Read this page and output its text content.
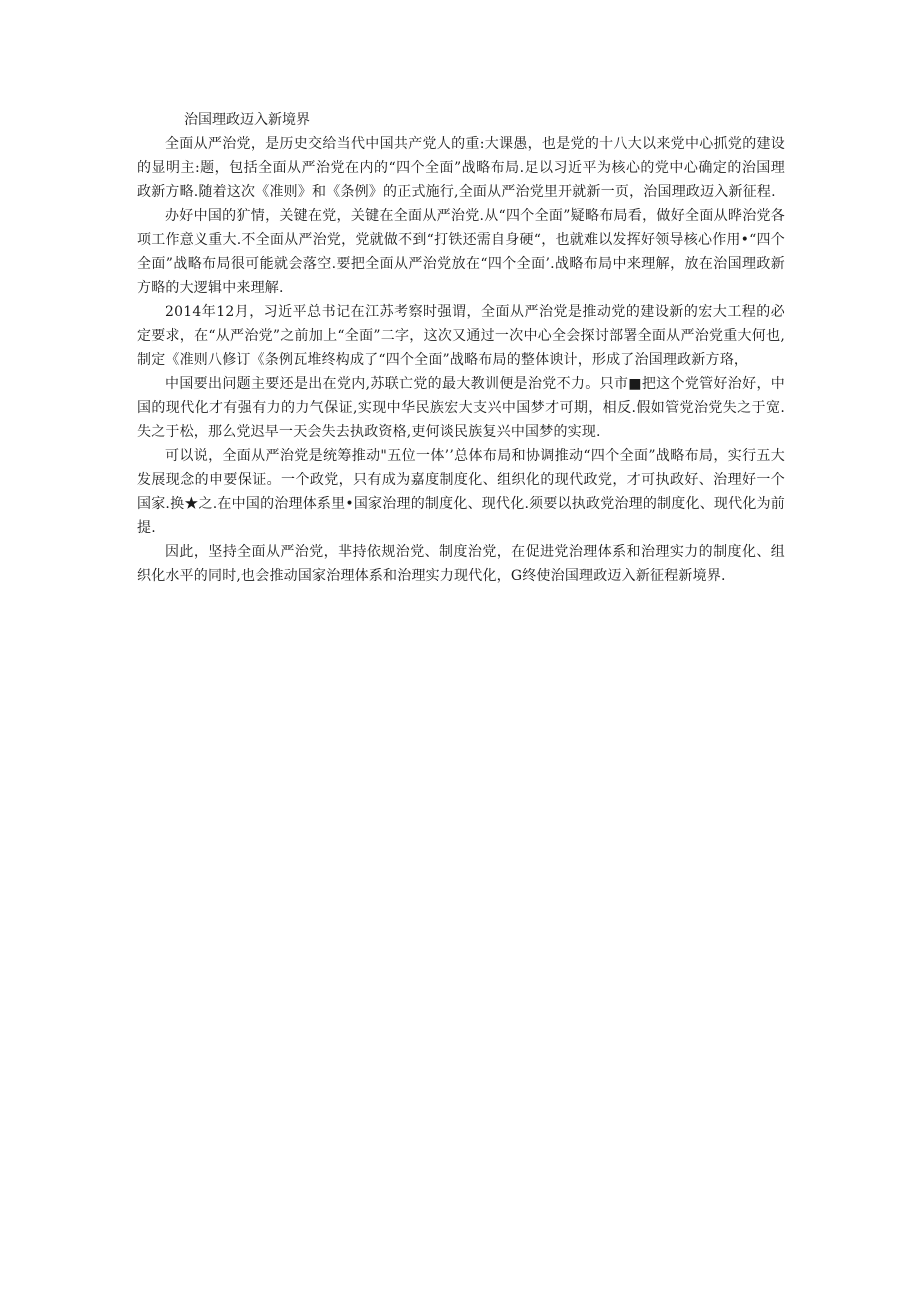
治国理政迈入新境界

全面从严治党，是历史交给当代中国共产党人的重:大课愚，也是党的十八大以来党中心抓党的建设的显明主:题，包括全面从严治党在内的“四个全面”战略布局.足以习近平为核心的党中心确定的治国理政新方略.随着这次《准则》和《条例》的正式施行,全面从严治党里开就新一页，治国理政迈入新征程.

办好中国的犷情，关键在党，关键在全面从严治党.从“四个全面”疑略布局看，做好全面从晔治党各项工作意义重大.不全面从严治党，党就做不到“打铁还需自身硬“，也就难以发挥好领导核心作用•“四个全面”战略布局很可能就会落空.要把全面从严治党放在“四个全面’.战略布局中来理解，放在治国理政新方略的大逻辑中来理解.

2014年12月，习近平总书记在江苏考察时强谓，全面从严治党是推动党的建设新的宏大工程的必定要求，在“从严治党”之前加上“全面”二字，这次又通过一次中心全会探讨部署全面从严治党重大何也,制定《准则八修订《条例瓦堆终构成了“四个全面”战略布局的整体谀计，形成了治国理政新方珞，

中国要出问题主要还是出在党内,苏联亡党的最大教训便是治党不力。只市■把这个党管好治好，中国的现代化才有强有力的力气保证,实现中华民族宏大支兴中国梦才可期，相反.假如管党治党失之于宽.失之于松，那么党迟早一天会失去执政资格,吏何谈民族复兴中国梦的实现.

可以说，全面从严治党是统筹推动"五位一体’’总体布局和协调推动“四个全面”战略布局，实行五大发展现念的申要保证。一个政党，只有成为嘉度制度化、组织化的现代政党，才可执政好、治理好一个国家.换★之.在中国的治理体系里•国家治理的制度化、现代化.须要以执政党治理的制度化、现代化为前提.

因此，坚持全面从严治党，芈持依规治党、制度治党，在促进党治理体系和治理实力的制度化、组织化水平的同时,也会推动国家治理体系和治理实力现代化，G终使治国理政迈入新征程新境界.
